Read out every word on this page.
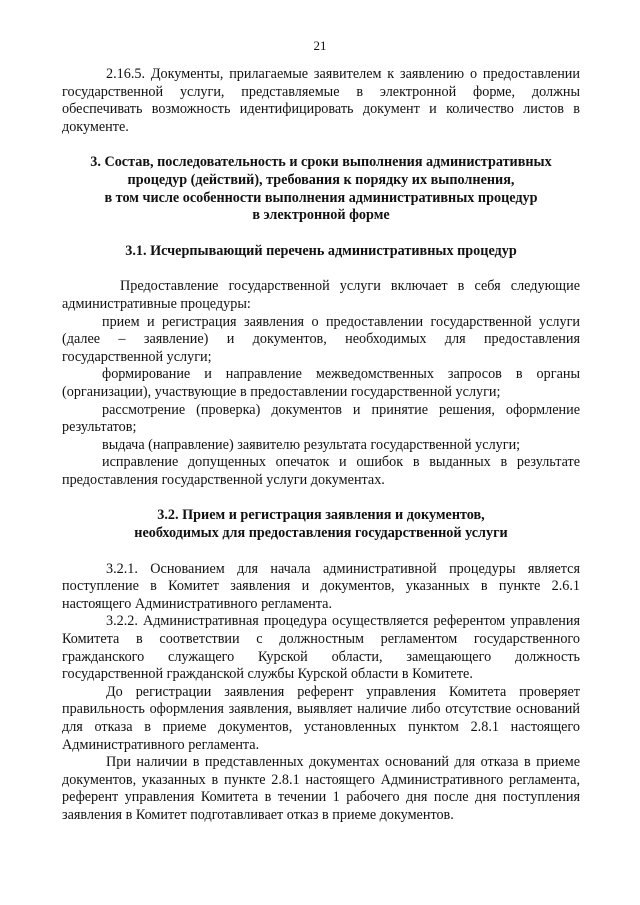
21

2.16.5. Документы, прилагаемые заявителем к заявлению о предоставлении государственной услуги, представляемые в электронной форме, должны обеспечивать возможность идентифицировать документ и количество листов в документе.

3. Состав, последовательность и сроки выполнения административных
процедур (действий), требования к порядку их выполнения,
в том числе особенности выполнения административных процедур
в электронной форме

3.1. Исчерпывающий перечень административных процедур

Предоставление государственной услуги включает в себя следующие административные процедуры:

прием и регистрация заявления о предоставлении государственной услуги (далее – заявление) и документов, необходимых для предоставления государственной услуги;

формирование и направление межведомственных запросов в органы (организации), участвующие в предоставлении государственной услуги;

рассмотрение (проверка) документов и принятие решения, оформление результатов;

выдача (направление) заявителю результата государственной услуги;

исправление допущенных опечаток и ошибок в выданных в результате предоставления государственной услуги документах.

3.2. Прием и регистрация заявления и документов,
необходимых для предоставления государственной услуги

3.2.1. Основанием для начала административной процедуры является поступление в Комитет заявления и документов, указанных в пункте 2.6.1 настоящего Административного регламента.

3.2.2. Административная процедура осуществляется референтом управления Комитета в соответствии с должностным регламентом государственного гражданского служащего Курской области, замещающего должность государственной гражданской службы Курской области в Комитете.

До регистрации заявления референт управления Комитета проверяет правильность оформления заявления, выявляет наличие либо отсутствие оснований для отказа в приеме документов, установленных пунктом 2.8.1 настоящего Административного регламента.

При наличии в представленных документах оснований для отказа в приеме документов, указанных в пункте 2.8.1 настоящего Административного регламента, референт управления Комитета в течении 1 рабочего дня после дня поступления заявления в Комитет подготавливает отказ в приеме документов.
